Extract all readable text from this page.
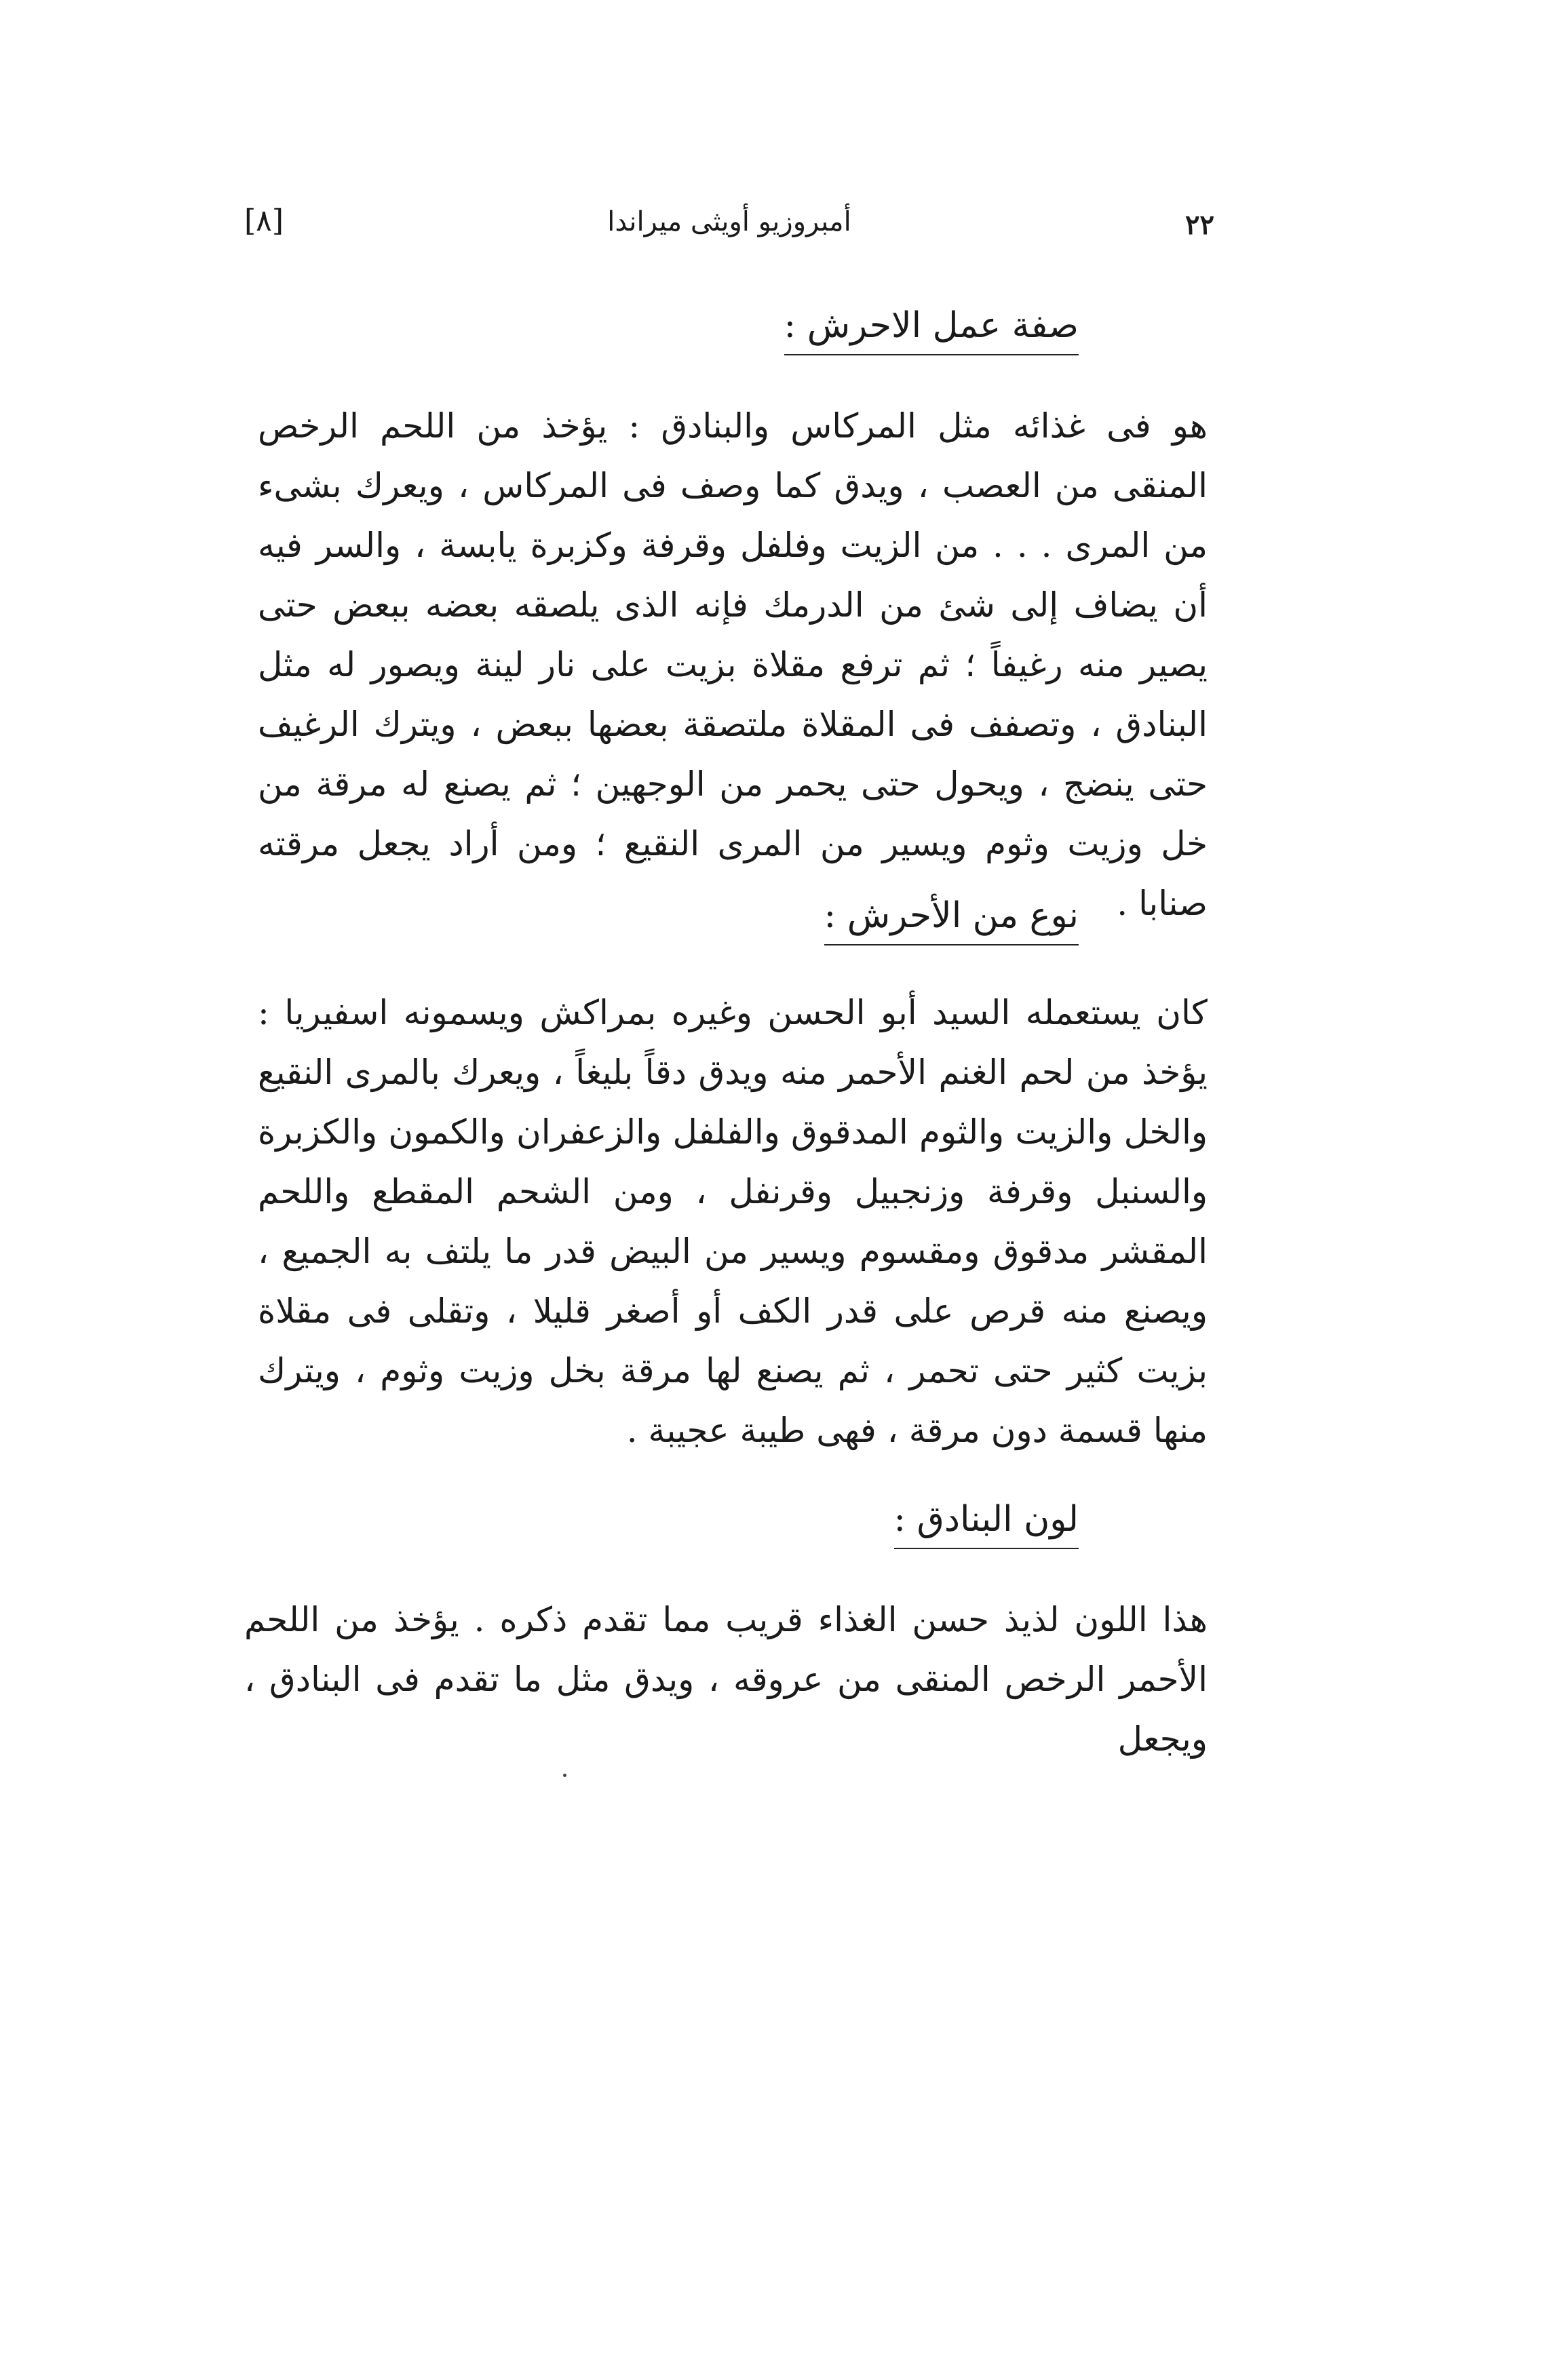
٢٢
أمبروزيو أويثى ميراندا
[٨]
صفة عمل الاحرش :

هو فى غذائه مثل المركاس والبنادق : يؤخذ من اللحم الرخص المنقى من العصب ، ويدق كما وصف فى المركاس ، ويعرك بشىء من المرى . . . من الزيت وفلفل وقرفة وكزبرة يابسة ، والسر فيه أن يضاف إلى شئ من الدرمك فإنه الذى يلصقه بعضه ببعض حتى يصير منه رغيفاً ؛ ثم ترفع مقلاة بزيت على نار لينة ويصور له مثل البنادق ، وتصفف فى المقلاة ملتصقة بعضها ببعض ، ويترك الرغيف حتى ينضج ، ويحول حتى يحمر من الوجهين ؛ ثم يصنع له مرقة من خل وزيت وثوم ويسير من المرى النقيع ؛ ومن أراد يجعل مرقته صنابا .

نوع من الأحرش :

كان يستعمله السيد أبو الحسن وغيره بمراكش ويسمونه اسفيريا : يؤخذ من لحم الغنم الأحمر منه ويدق دقاً بليغاً ، ويعرك بالمرى النقيع والخل والزيت والثوم المدقوق والفلفل والزعفران والكمون والكزبرة والسنبل وقرفة وزنجبيل وقرنفل ، ومن الشحم المقطع واللحم المقشر مدقوق ومقسوم ويسير من البيض قدر ما يلتف به الجميع ، ويصنع منه قرص على قدر الكف أو أصغر قليلا ، وتقلى فى مقلاة بزيت كثير حتى تحمر ، ثم يصنع لها مرقة بخل وزيت وثوم ، ويترك منها قسمة دون مرقة ، فهى طيبة عجيبة .

لون البنادق :

هذا اللون لذيذ حسن الغذاء قريب مما تقدم ذكره . يؤخذ من اللحم الأحمر الرخص المنقى من عروقه ، ويدق مثل ما تقدم فى البنادق ، ويجعل
